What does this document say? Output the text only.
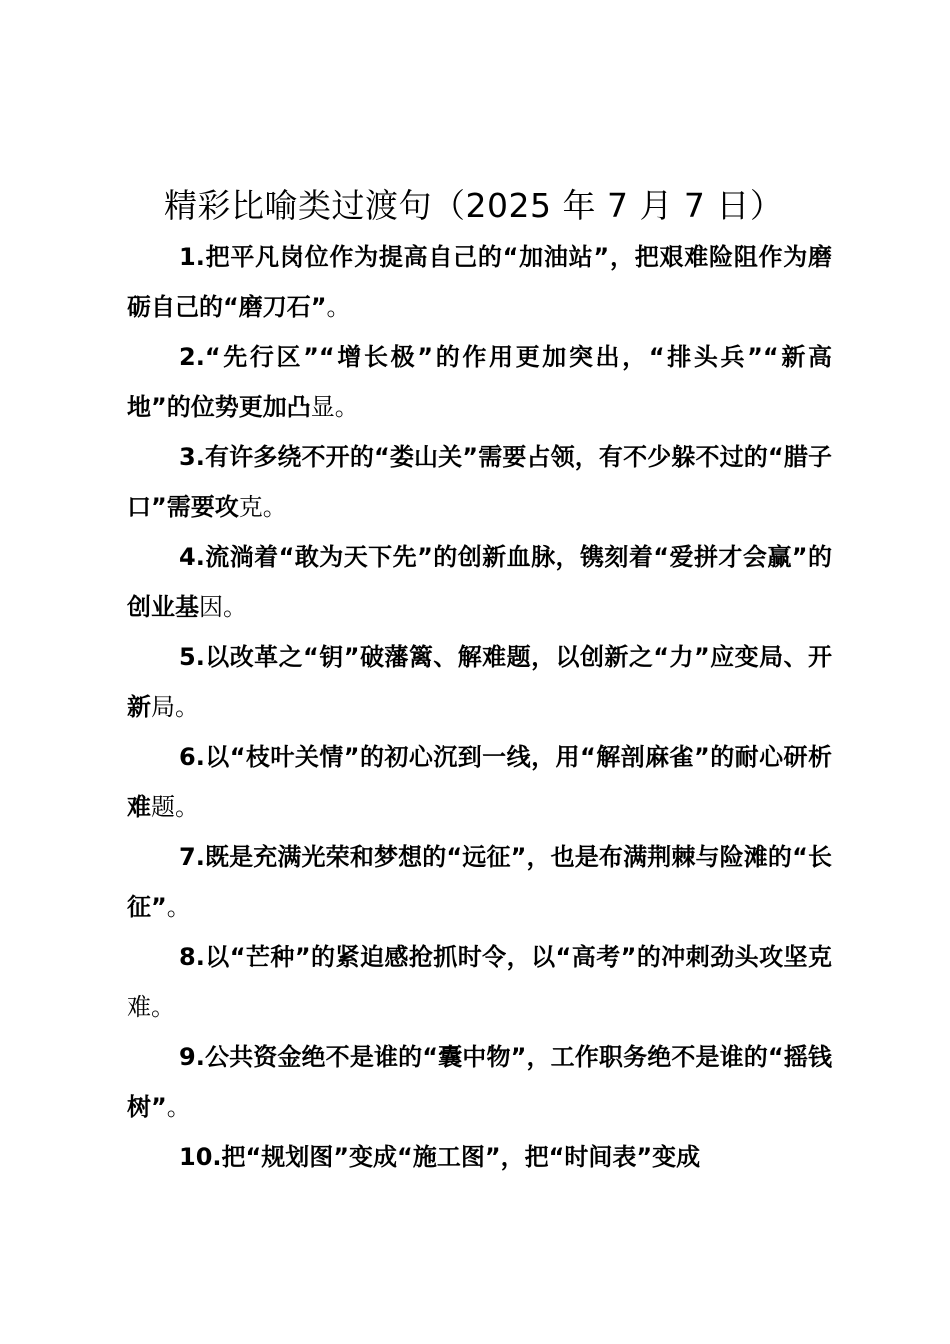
精彩比喻类过渡句（2025 年 7 月 7 日）

1.把平凡岗位作为提高自己的“加油站”，把艰难险阻作为磨砺自己的“磨刀石”。

2.“先行区”“增长极”的作用更加突出，“排头兵”“新高地”的位势更加凸显。

3.有许多绕不开的“娄山关”需要占领，有不少躲不过的“腊子口”需要攻克。

4.流淌着“敢为天下先”的创新血脉，镌刻着“爱拼才会赢”的创业基因。

5.以改革之“钥”破藩篱、解难题，以创新之“力”应变局、开新局。

6.以“枝叶关情”的初心沉到一线，用“解剖麻雀”的耐心研析难题。

7.既是充满光荣和梦想的“远征”，也是布满荆棘与险滩的“长征”。

8.以“芒种”的紧迫感抢抓时令，以“高考”的冲刺劲头攻坚克难。

9.公共资金绝不是谁的“囊中物”，工作职务绝不是谁的“摇钱树”。

10.把“规划图”变成“施工图”，把“时间表”变成
